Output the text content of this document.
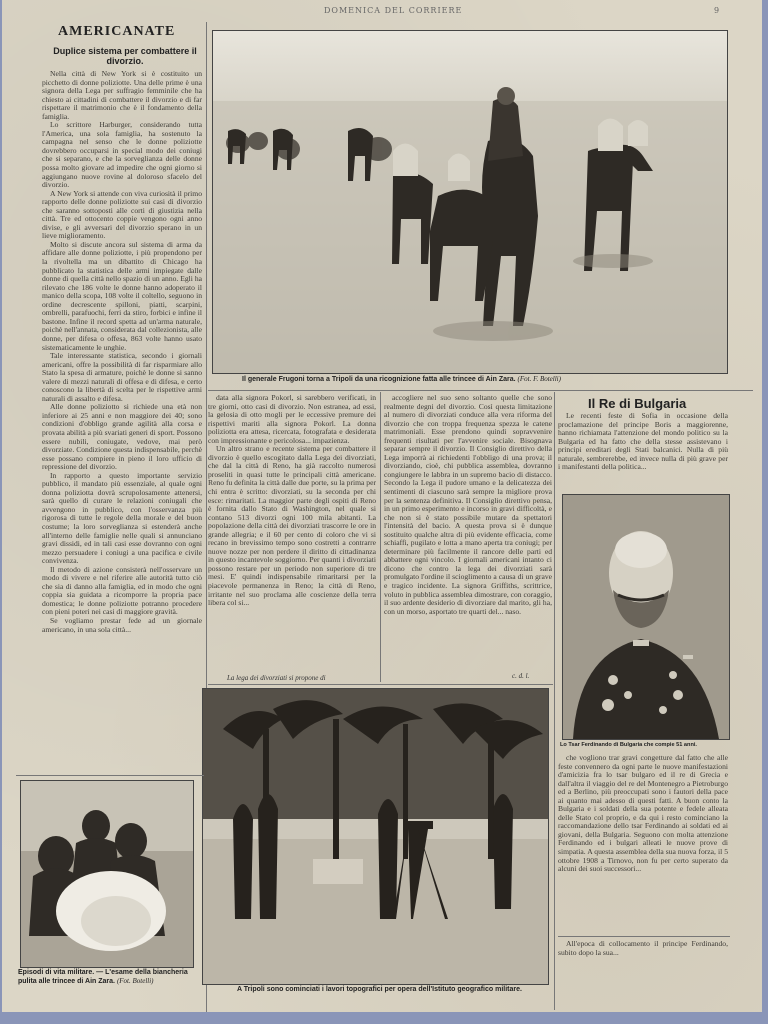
DOMENICA DEL CORRIERE	9
AMERICANATE
Duplice sistema per combattere il divorzio.

Nella città di New York si è costituito un picchetto di donne poliziotte. Una delle prime è una signora della Lega per suffragio femminile che ha chiesto ai cittadini di combattere il divorzio e di far rispettare il matrimonio che è il fondamento della famiglia.

Lo scrittore Harburger, considerando tutta l'America, una sola famiglia, ha sostenuto la campagna nel senso che le donne poliziotte dovrebbero occuparsi in special modo dei coniugi che si separano, e che la sorveglianza delle donne possa molto giovare ad impedire che ogni giorno si aggiungano nuove rovine al doloroso sfacelo del divorzio.

A New York si attende con viva curiosità il primo rapporto delle donne poliziotte sui casi di divorzio che saranno sottoposti alle corti di giustizia nella città. Tre ed ottocento coppie vengono ogni anno divise, e gli avversari del divorzio sperano in un lieve miglioramento.

Molto si discute ancora sul sistema di arma da affidare alle donne poliziotte, i più propendono per la rivoltella ma un dibattito di Chicago ha pubblicato la statistica delle armi impiegate dalle donne di quella città nello spazio di un anno. Egli ha rilevato che 186 volte le donne hanno adoperato il manico della scopa, 108 volte il coltello, seguono in ordine decrescente spilloni, piatti, scarpini, ombrelli, parafuochi, ferri da stiro, forbici e infine il bastone. Infine il record spetta ad un'arma naturale, poichè nell'annata, considerata dal collezionista, alle donne, per difesa o offesa, 863 volte hanno usato sistematicamente le unghie.

Tale interessante statistica, secondo i giornali americani, offre la possibilità di far risparmiare allo Stato la spesa di armature, poichè le donne si sanno valere di mezzi naturali di offesa e di difesa, e certo conoscono la libertà di scelta per le rispettive armi naturali di assalto e difesa.

Alle donne poliziotto si richiede una età non inferiore ai 25 anni e non maggiore dei 40; sono condizioni d'obbligo grande agilità alla corsa e provata abilità a più svariati generi di sport. Possono essere nubili, coniugate, vedove, mai però divorziate. Condizione questa indispensabile, perchè esse possano compiere in pieno il loro ufficio di repressione del divorzio.

In rapporto a questo importante servizio pubblico, il mandato più essenziale, al quale ogni donna poliziotta dovrà scrupolosamente attenersi, sarà quello di curare le relazioni coniugali che avvengono in pubblico, con l'osservanza più rigorosa di tutte le regole della morale e del buon costume; la loro sorveglianza si estenderà anche all'interno delle famiglie nelle quali si annunciano gravi dissidi, ed in tali casi esse dovranno con ogni mezzo persuadere i coniugi a una pacifica e civile convivenza.

Il metodo di azione consisterà nell'osservare un modo di vivere e nel riferire alle autorità tutto ciò che sia di danno alla famiglia, ed in modo che ogni coppia sia guidata a ricomporre la propria pace domestica; le donne poliziotte potranno procedere con pieni poteri nei casi di maggiore gravità.

Se vogliamo prestar fede ad un giornale americano, in una sola città...

Il generale Frugoni torna a Tripoli da una ricognizione fatta alle trincee di Ain Zara. (Fot. F. Botelli)

data alla signora Pokorl, si sarebbero verificati, in tre giorni, otto casi di divorzio. Non estranea, ad essi, la gelosia di otto mogli per le eccessive premure dei rispettivi mariti alla signora Pokorl. La donna poliziotta era attesa, ricercata, fotografata e desiderata con impressionante e pericolosa... impazienza.

Un altro strano e recente sistema per combattere il divorzio è quello escogitato dalla Lega dei divorziati, che dal la città di Reno, ha già raccolto numerosi proseliti in quasi tutte le principali città americane. Reno fu definita la città dalle due porte, su la prima per chi entra è scritto: divorziati, su la seconda per chi esce: rimaritati. La maggior parte degli ospiti di Reno è fornita dallo Stato di Washington, nel quale si contano 513 divorzi ogni 100 mila abitanti. La popolazione della città dei divorziati trascorre le ore in grande allegria; e il 60 per cento di coloro che vi si recano in brevissimo tempo sono costretti a contrarre nuove nozze per non perdere il diritto di cittadinanza in questo incantevole soggiorno. Per quanti i divorziati possono restare per un periodo non superiore di tre mesi. E' quindi indispensabile rimaritarsi per la piacevole permanenza in Reno; la città di Reno, irritante nel suo proclama alle coscienze della terra libera col si...

La lega dei divorziati si propone di

accogliere nel suo seno soltanto quelle che sono realmente degni del divorzio. Così questa limitazione al numero di divorziati conduce alla vera riforma del divorzio che con troppa frequenza spezza le catene matrimoniali. Esse prendono quindi sopravvenire frequenti risultati per l'avvenire sociale. Bisognava separar sempre il divorzio. Il Consiglio direttivo della Lega imporrà ai richiedenti l'obbligo di una prova; il divorziando, cioè, chi pubblica assemblea, dovranno congiungere le labbra in un supremo bacio di distacco. Secondo la Lega il pudore umano e la delicatezza dei sentimenti di ciascuno sarà sempre la migliore prova per la sentenza definitiva. Il Consiglio direttivo pensa, in un primo esperimento e incorso in gravi difficoltà, e che non si è stato possibile mutare da spettatori l'intensità del bacio. A questa prova si è dunque sostituito qualche altra di più evidente efficacia, come schiaffi, pugilato e lotta a mano aperta tra coniugi; per determinare più facilmente il rancore delle parti ed abbattere ogni vincolo. I giornali americani intanto ci dicono che contro la lega dei divorziati sarà promulgato l'ordine il scioglimento a causa di un grave e tragico incidente. La signora Griffiths, scrittrice, voluto in pubblica assemblea dimostrare, con coraggio, il suo ardente desiderio di divorziare dal marito, gli ha, con un morso, asportato tre quarti del... naso.

c. d. l.
A Tripoli sono cominciati i lavori topografici per opera dell'Istituto geografico militare.
Episodi di vita militare. — L'esame della biancheria pulita alle trincee di Ain Zara. (Fot. Botelli)
Il Re di Bulgaria

Le recenti feste di Sofia in occasione della proclamazione del principe Boris a maggiorenne, hanno richiamata l'attenzione del mondo politico su la Bulgaria ed ha fatto che della stesse assistevano i principi ereditari degli Stati balcanici. Nulla di più naturale, sembrerebbe, ed invece nulla di più grave per i manifestanti della politica...

Lo Tsar Ferdinando di Bulgaria che compie 51 anni.

che vogliono trar gravi congetture dal fatto che alle feste convennero da ogni parte le nuove manifestazioni d'amicizia fra lo tsar bulgaro ed il re di Grecia e dall'altra il viaggio del re del Montenegro a Pietroburgo ed a Berlino, più preoccupati sono i fautori della pace ai quanto mai adesso di questi fatti. A buon conto la Bulgaria e i soldati della sua potente e fedele alleata delle Stato col proprio, e da qui i resto cominciano la raccomandazione dello tsar Ferdinando ai soldati ed ai giovani, della Bulgaria. Seguono con molta attenzione Ferdinando ed i bulgari alleati le nuove prove di simpatia. A questa assemblea della sua nuova forza, il 5 ottobre 1908 a Tirnovo, non fu per certo superato da alcuni dei suoi successori...

All'epoca di collocamento il principe Ferdinando, subito dopo la sua...
